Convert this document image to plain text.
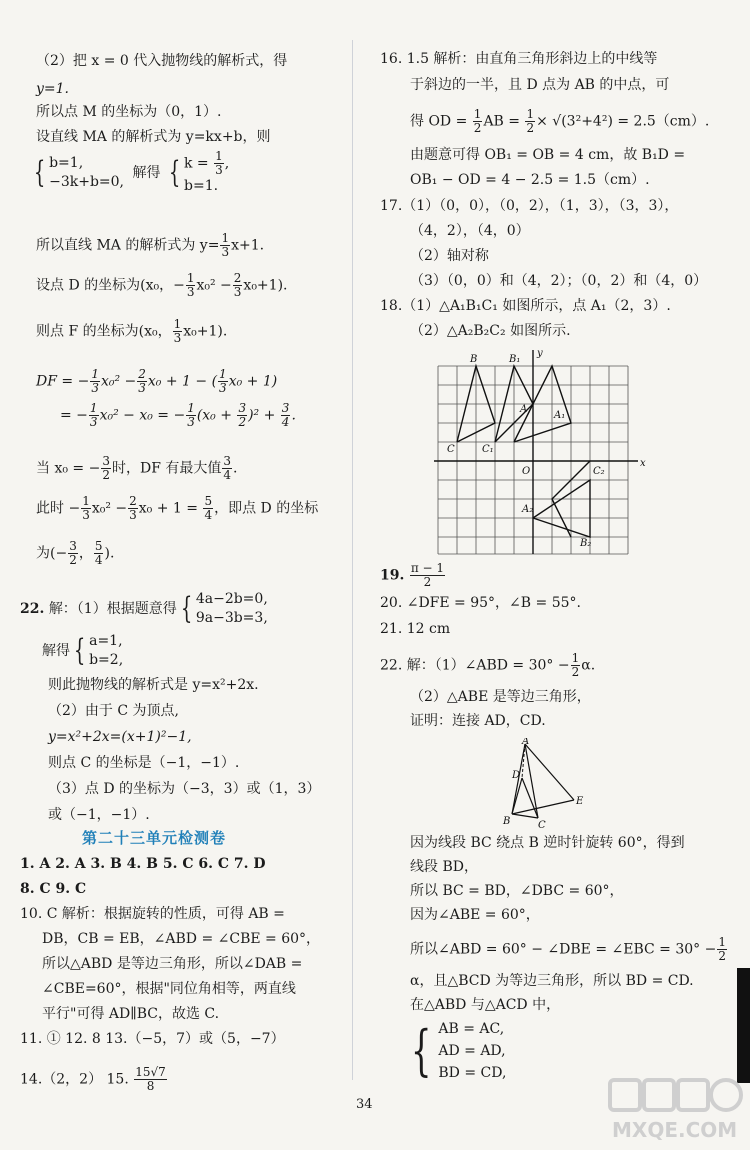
（2）把 x = 0 代入抛物线的解析式，得
y=1.
所以点 M 的坐标为（0，1）.
设直线 MA 的解析式为 y=kx+b，则
{ b=1,
−3k+b=0, 解得 { $k = \frac{1}{3}$ ,
b=1.
所以直线 MA 的解析式为 $y= \frac{1}{3} x+1$.
设点 D 的坐标为(x₀，− $\frac{1}{3} x_0^2 - \frac{2}{3} x_0+1$).
则点 F 的坐标为(x₀， $\frac{1}{3} x_0+1$).
DF = − $\frac{1}{3} x_0^2 - \frac{2}{3} x_0 + 1$ − ( $\frac{1}{3} x_0 + 1$)
= − $\frac{1}{3} x_0^2 - x_0$ = − $\frac{1}{3} (x_0 + \frac{3}{2} )^2 + \frac{3}{4}$ .
当 x₀ = − $\frac{3}{2}$ 时，DF 有最大值 $\frac{3}{4}$ .
此时 − $\frac{1}{3} x_0^2 - \frac{2}{3} x_0 + 1 = \frac{5}{4}$ ，即点 D 的坐标
为(− $\frac{3}{2}$ ， $\frac{5}{4}$ ).
22. 解：（1）根据题意得 { 4a−2b=0,
9a−3b=3,
解得 { a=1,
b=2,
则此抛物线的解析式是 y=x²+2x.
（2）由于 C 为顶点,
y=x²+2x=(x+1)²−1,
则点 C 的坐标是（−1，−1）.
（3）点 D 的坐标为（−3，3）或（1，3）
或（−1，−1）.
第二十三单元检测卷
1. A 2. A 3. B 4. B 5. C 6. C 7. D
8. C 9. C
10. C 解析：根据旋转的性质，可得 AB =
DB，CB = EB，∠ABD = ∠CBE = 60°，
所以△ABD 是等边三角形，所以∠DAB =
∠CBE=60°，根据"同位角相等，两直线
平行"可得 AD∥BC，故选 C.
11. ① 12. 8 13.（−5，7）或（5，−7）
14.（2，2） 15. $\frac{15√7}{8}$
16. 1.5 解析：由直角三角形斜边上的中线等
于斜边的一半，且 D 点为 AB 的中点，可
得 OD = $\frac{1}{2}$ AB = $\frac{1}{2} \times √(3^2+4^2) = 2.5(cm)$.
由题意可得 OB₁ = OB = 4 cm，故 B₁D =
OB₁ − OD = 4 − 2.5 = 1.5（cm）.
17.（1）（0，0），（0，2），（1，3），（3，3），
（4，2），（4，0）
（2）轴对称
（3）（0，0）和（4，2）；（0，2）和（4，0）
18.（1）△A₁B₁C₁ 如图所示，点 A₁（2，3）.
（2）△A₂B₂C₂ 如图所示.
B	B₁
A
A₁
C	C₁
O	C₂
A₂
B₂
x
y
19. $\frac{\pi - 1}{2}$
20. ∠DFE = 95°，∠B = 55°.
21. 12 cm
22. 解：（1）∠ABD = $30^\circ - \frac{1}{2} \alpha$.
（2）△ABE 是等边三角形，
证明：连接 AD，CD.
A
D
B	C
E
因为线段 BC 绕点 B 逆时针旋转 60°，得到
线段 BD，
所以 BC = BD，∠DBC = 60°，
因为∠ABE = 60°，
所以∠ABD = 60° − ∠DBE = ∠EBC = $30^\circ - \frac{1}{2}$
α，且△BCD 为等边三角形，所以 BD = CD.
在△ABD 与△ACD 中，
{ AB = AC,
AD = AD,
BD = CD,
34
MXQE.COM
